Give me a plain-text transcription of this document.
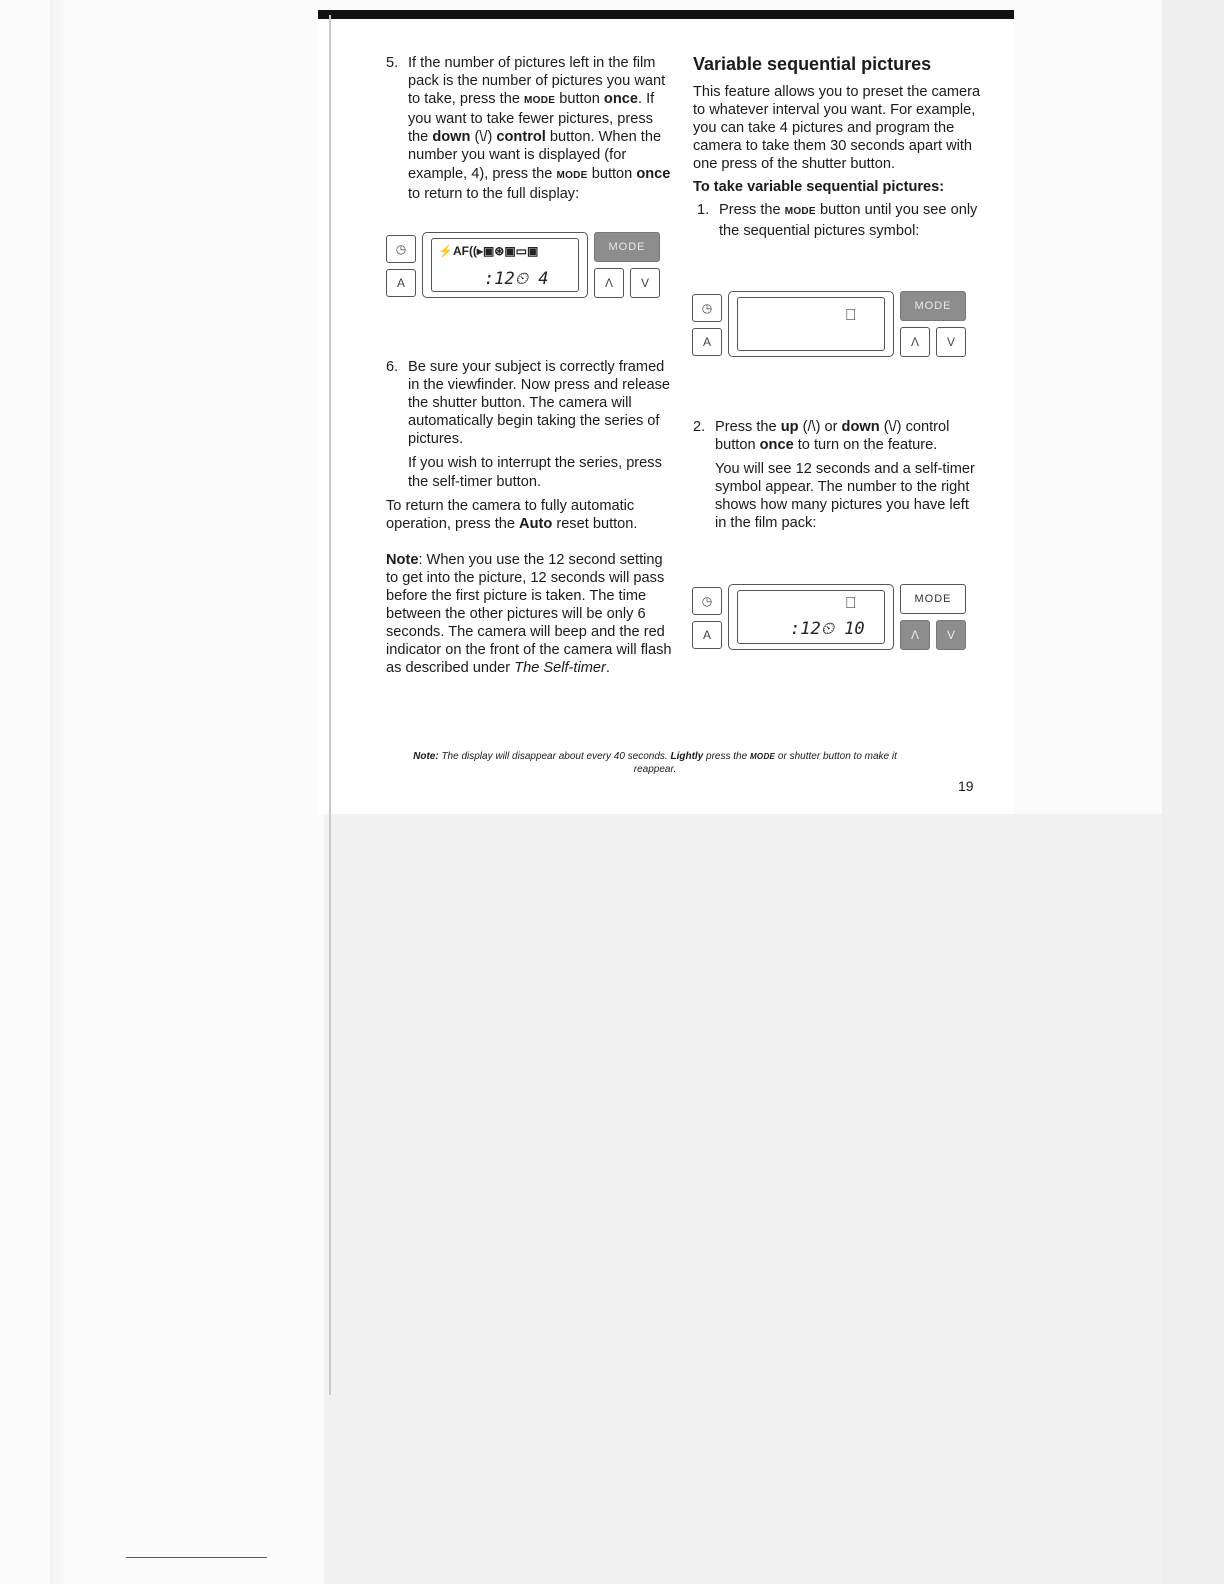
5. If the number of pictures left in the film pack is the number of pictures you want to take, press the MODE button once. If you want to take fewer pictures, press the down (\/) control button. When the number you want is displayed (for example, 4), press the MODE button once to return to the full display:
◷
A
⚡AF((▸▣⊛▣▭▣
:12⏲ 4
MODE
Λ	V
6. Be sure your subject is correctly framed in the viewfinder. Now press and release the shutter button. The camera will automatically begin taking the series of pictures.

If you wish to interrupt the series, press the self-timer button.

To return the camera to fully automatic operation, press the Auto reset button.

Note: When you use the 12 second setting to get into the picture, 12 seconds will pass before the first picture is taken. The time between the other pictures will be only 6 seconds. The camera will beep and the red indicator on the front of the camera will flash as described under The Self-timer.

Variable sequential pictures

This feature allows you to preset the camera to whatever interval you want. For example, you can take 4 pictures and program the camera to take them 30 seconds apart with one press of the shutter button.

To take variable sequential pictures:

1. Press the MODE button until you see only the sequential pictures symbol:
◷
A
⎕
MODE
Λ	V
2. Press the up (/\) or down (\/) control button once to turn on the feature.

You will see 12 seconds and a self-timer symbol appear. The number to the right shows how many pictures you have left in the film pack:

◷
A
⎕
:12⏲ 10
MODE
Λ	V
Note: The display will disappear about every 40 seconds. Lightly press the MODE or shutter button to make it reappear.
19
